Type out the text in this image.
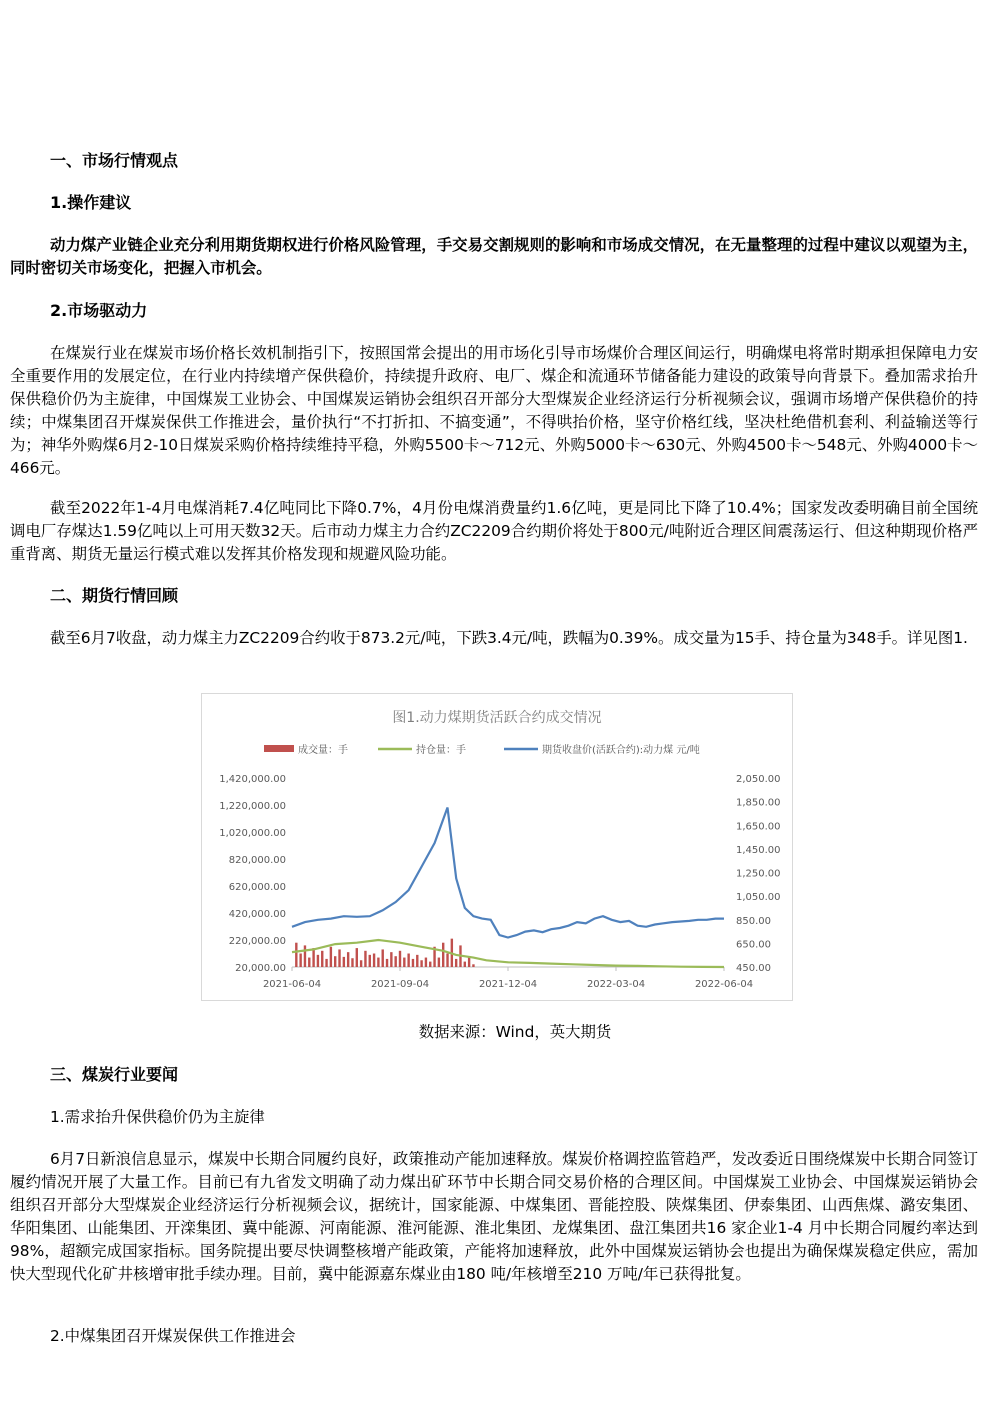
一、市场行情观点
1.操作建议

动力煤产业链企业充分利用期货期权进行价格风险管理，手交易交割规则的影响和市场成交情况，在无量整理的过程中建议以观望为主，同时密切关市场变化，把握入市机会。

2.市场驱动力

在煤炭行业在煤炭市场价格长效机制指引下，按照国常会提出的用市场化引导市场煤价合理区间运行，明确煤电将常时期承担保障电力安全重要作用的发展定位，在行业内持续增产保供稳价，持续提升政府、电厂、煤企和流通环节储备能力建设的政策导向背景下。叠加需求抬升保供稳价仍为主旋律，中国煤炭工业协会、中国煤炭运销协会组织召开部分大型煤炭企业经济运行分析视频会议，强调市场增产保供稳价的持续；中煤集团召开煤炭保供工作推进会，量价执行“不打折扣、不搞变通”，不得哄抬价格，坚守价格红线，坚决杜绝借机套利、利益输送等行为；神华外购煤6月2-10日煤炭采购价格持续维持平稳，外购5500卡～712元、外购5000卡～630元、外购4500卡～548元、外购4000卡～466元。

截至2022年1-4月电煤消耗7.4亿吨同比下降0.7%，4月份电煤消费量约1.6亿吨，更是同比下降了10.4%；国家发改委明确目前全国统调电厂存煤达1.59亿吨以上可用天数32天。后市动力煤主力合约ZC2209合约期价将处于800元/吨附近合理区间震荡运行、但这种期现价格严重背离、期货无量运行模式难以发挥其价格发现和规避风险功能。

二、期货行情回顾

截至6月7收盘，动力煤主力ZC2209合约收于873.2元/吨，下跌3.4元/吨，跌幅为0.39%。成交量为15手、持仓量为348手。详见图1.

图1.动力煤期货活跃合约成交情况
成交量：手	持仓量：手	期货收盘价(活跃合约):动力煤 元/吨
20,000.00
220,000.00
420,000.00
620,000.00
820,000.00
1,020,000.00
1,220,000.00
1,420,000.00
450.00
650.00
850.00
1,050.00
1,250.00
1,450.00
1,650.00
1,850.00
2,050.00
2021-06-04	2021-09-04	2021-12-04	2022-03-04	2022-06-04
数据来源：Wind，英大期货
三、煤炭行业要闻
1.需求抬升保供稳价仍为主旋律

6月7日新浪信息显示，煤炭中长期合同履约良好，政策推动产能加速释放。煤炭价格调控监管趋严，发改委近日围绕煤炭中长期合同签订履约情况开展了大量工作。目前已有九省发文明确了动力煤出矿环节中长期合同交易价格的合理区间。中国煤炭工业协会、中国煤炭运销协会组织召开部分大型煤炭企业经济运行分析视频会议，据统计，国家能源、中煤集团、晋能控股、陕煤集团、伊泰集团、山西焦煤、潞安集团、华阳集团、山能集团、开滦集团、冀中能源、河南能源、淮河能源、淮北集团、龙煤集团、盘江集团共16 家企业1-4 月中长期合同履约率达到98%，超额完成国家指标。国务院提出要尽快调整核增产能政策，产能将加速释放，此外中国煤炭运销协会也提出为确保煤炭稳定供应，需加快大型现代化矿井核增审批手续办理。目前，冀中能源嘉东煤业由180 吨/年核增至210 万吨/年已获得批复。

2.中煤集团召开煤炭保供工作推进会
